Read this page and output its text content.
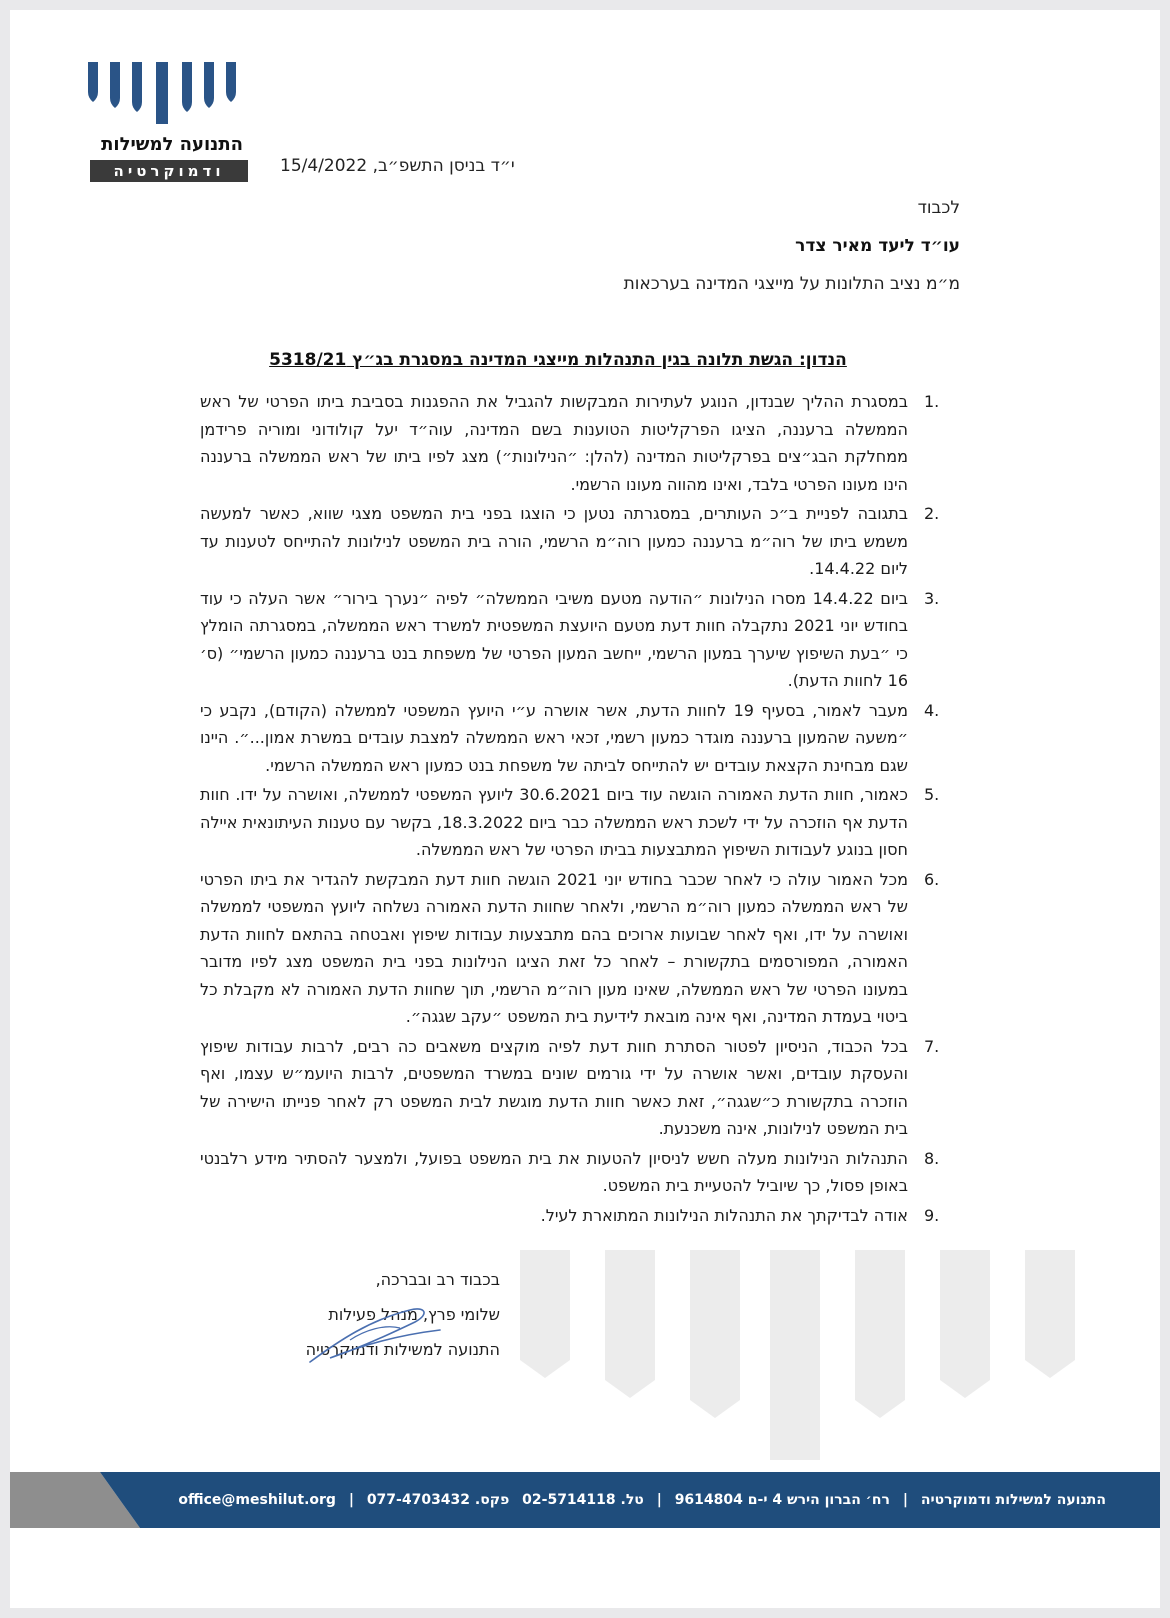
התנועה למשילות
ודמוקרטיה	י״ד בניסן התשפ״ב, 15/4/2022
לכבוד
עו״ד ליעד מאיר צדר
מ״מ נציב התלונות על מייצגי המדינה בערכאות
הנדון: הגשת תלונה בגין התנהלות מייצגי המדינה במסגרת בג״ץ 5318/21
1.
במסגרת ההליך שבנדון, הנוגע לעתירות המבקשות להגביל את ההפגנות בסביבת ביתו הפרטי של ראש הממשלה ברעננה, הציגו הפרקליטות הטוענות בשם המדינה, עוה״ד יעל קולודוני ומוריה פרידמן ממחלקת הבג״צים בפרקליטות המדינה (להלן: ״הנילונות״) מצג לפיו ביתו של ראש הממשלה ברעננה הינו מעונו הפרטי בלבד, ואינו מהווה מעונו הרשמי.
2.
בתגובה לפניית ב״כ העותרים, במסגרתה נטען כי הוצגו בפני בית המשפט מצגי שווא, כאשר למעשה משמש ביתו של רוה״מ ברעננה כמעון רוה״מ הרשמי, הורה בית המשפט לנילונות להתייחס לטענות עד ליום 14.4.22.
3.
ביום 14.4.22 מסרו הנילונות ״הודעה מטעם משיבי הממשלה״ לפיה ״נערך בירור״ אשר העלה כי עוד בחודש יוני 2021 נתקבלה חוות דעת מטעם היועצת המשפטית למשרד ראש הממשלה, במסגרתה הומלץ כי ״בעת השיפוץ שיערך במעון הרשמי, ייחשב המעון הפרטי של משפחת בנט ברעננה כמעון הרשמי״ (ס׳ 16 לחוות הדעת).
4.
מעבר לאמור, בסעיף 19 לחוות הדעת, אשר אושרה ע״י היועץ המשפטי לממשלה (הקודם), נקבע כי ״משעה שהמעון ברעננה מוגדר כמעון רשמי, זכאי ראש הממשלה למצבת עובדים במשרת אמון...״. היינו שגם מבחינת הקצאת עובדים יש להתייחס לביתה של משפחת בנט כמעון ראש הממשלה הרשמי.
5.
כאמור, חוות הדעת האמורה הוגשה עוד ביום 30.6.2021 ליועץ המשפטי לממשלה, ואושרה על ידו. חוות הדעת אף הוזכרה על ידי לשכת ראש הממשלה כבר ביום 18.3.2022, בקשר עם טענות העיתונאית איילה חסון בנוגע לעבודות השיפוץ המתבצעות בביתו הפרטי של ראש הממשלה.
6.
מכל האמור עולה כי לאחר שכבר בחודש יוני 2021 הוגשה חוות דעת המבקשת להגדיר את ביתו הפרטי של ראש הממשלה כמעון רוה״מ הרשמי, ולאחר שחוות הדעת האמורה נשלחה ליועץ המשפטי לממשלה ואושרה על ידו, ואף לאחר שבועות ארוכים בהם מתבצעות עבודות שיפוץ ואבטחה בהתאם לחוות הדעת האמורה, המפורסמים בתקשורת – לאחר כל זאת הציגו הנילונות בפני בית המשפט מצג לפיו מדובר במעונו הפרטי של ראש הממשלה, שאינו מעון רוה״מ הרשמי, תוך שחוות הדעת האמורה לא מקבלת כל ביטוי בעמדת המדינה, ואף אינה מובאת לידיעת בית המשפט ״עקב שגגה״.
7.
בכל הכבוד, הניסיון לפטור הסתרת חוות דעת לפיה מוקצים משאבים כה רבים, לרבות עבודות שיפוץ והעסקת עובדים, ואשר אושרה על ידי גורמים שונים במשרד המשפטים, לרבות היועמ״ש עצמו, ואף הוזכרה בתקשורת כ״שגגה״, זאת כאשר חוות הדעת מוגשת לבית המשפט רק לאחר פנייתו הישירה של בית המשפט לנילונות, אינה משכנעת.
8.
התנהלות הנילונות מעלה חשש לניסיון להטעות את בית המשפט בפועל, ולמצער להסתיר מידע רלבנטי באופן פסול, כך שיוביל להטעיית בית המשפט.
9.
אודה לבדיקתך את התנהלות הנילונות המתוארת לעיל.
בכבוד רב ובברכה,
שלומי פרץ, מנהל פעילות
התנועה למשילות ודמוקרטיה
התנועה למשילות ודמוקרטיה | רח׳ הברון הירש 4 י-ם 9614804 | טל. 02-5714118 פקס. 077-4703432 | office@meshilut.org
